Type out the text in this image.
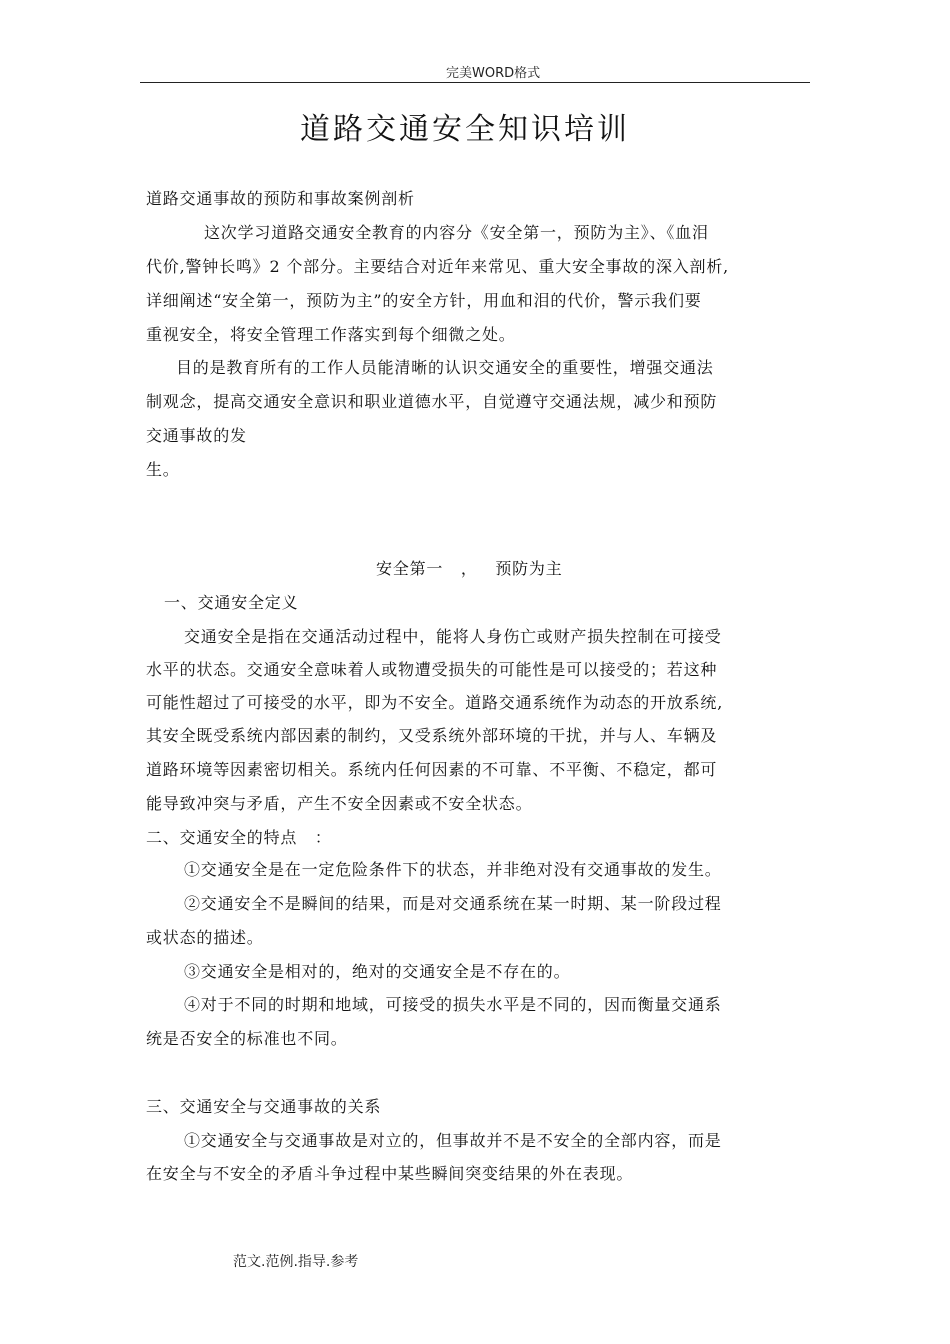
完美WORD格式
道路交通安全知识培训
道路交通事故的预防和事故案例剖析
这次学习道路交通安全教育的内容分《安全第一，预防为主》、《血泪
代价,警钟长鸣》2 个部分。主要结合对近年来常见、重大安全事故的深入剖析,
详细阐述“安全第一，预防为主”的安全方针，用血和泪的代价，警示我们要
重视安全，将安全管理工作落实到每个细微之处。
目的是教育所有的工作人员能清晰的认识交通安全的重要性，增强交通法
制观念，提高交通安全意识和职业道德水平，自觉遵守交通法规，减少和预防
交通事故的发
生。
安全第一   ，   预防为主
一、交通安全定义
交通安全是指在交通活动过程中，能将人身伤亡或财产损失控制在可接受
水平的状态。交通安全意味着人或物遭受损失的可能性是可以接受的；若这种
可能性超过了可接受的水平，即为不安全。道路交通系统作为动态的开放系统,
其安全既受系统内部因素的制约，又受系统外部环境的干扰，并与人、车辆及
道路环境等因素密切相关。系统内任何因素的不可靠、不平衡、不稳定，都可
能导致冲突与矛盾，产生不安全因素或不安全状态。
二、交通安全的特点   ：
①交通安全是在一定危险条件下的状态，并非绝对没有交通事故的发生。
②交通安全不是瞬间的结果，而是对交通系统在某一时期、某一阶段过程
或状态的描述。
③交通安全是相对的，绝对的交通安全是不存在的。
④对于不同的时期和地域，可接受的损失水平是不同的，因而衡量交通系
统是否安全的标准也不同。
三、交通安全与交通事故的关系
①交通安全与交通事故是对立的，但事故并不是不安全的全部内容，而是
在安全与不安全的矛盾斗争过程中某些瞬间突变结果的外在表现。
范文.范例.指导.参考
